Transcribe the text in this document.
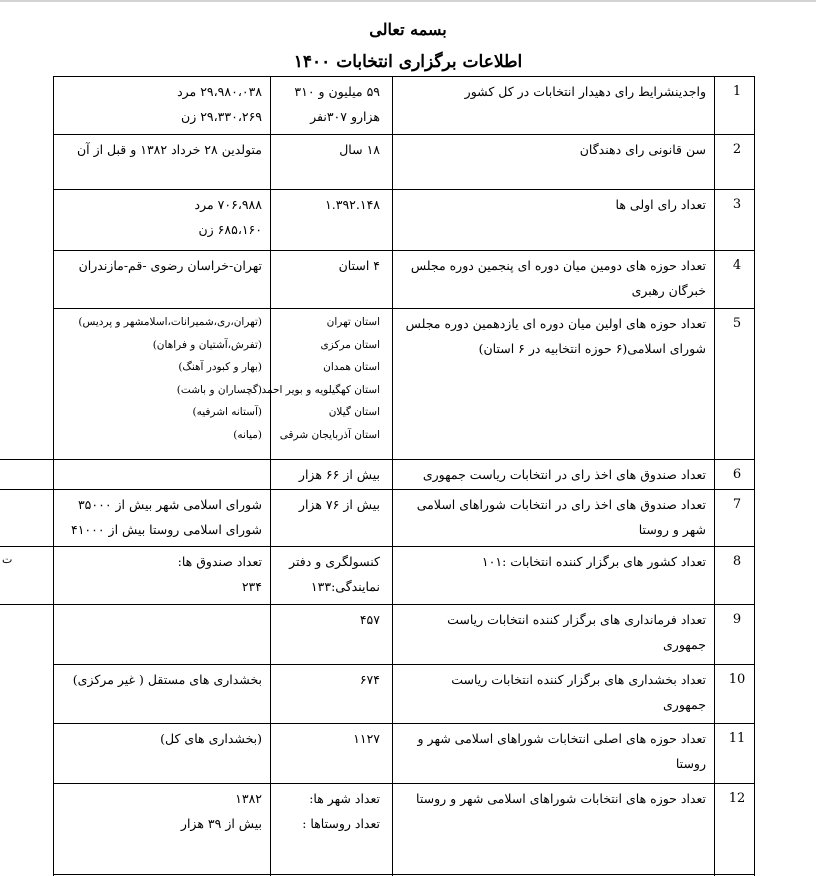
بسمه تعالی
اطلاعات برگزاری انتخابات ۱۴۰۰
ت
1
واجدینشرایط رای دهیدار انتخابات در کل کشور
۵۹ میلیون و ۳۱۰
هزارو ۳۰۷نفر
۲۹،۹۸۰،۰۳۸ مرد
۲۹،۳۳۰،۲۶۹ زن
2
سن قانونی رای دهندگان
۱۸ سال
متولدین ۲۸ خرداد ۱۳۸۲ و قبل از آن
3
تعداد رای اولی ها
۱.۳۹۲.۱۴۸
۷۰۶،۹۸۸ مرد
۶۸۵،۱۶۰ زن
4
تعداد حوزه های دومین میان دوره ای پنجمین دوره مجلس
خبرگان رهبری
۴ استان
تهران-خراسان رضوی -قم-مازندران
5
تعداد حوزه های اولین میان دوره ای یازدهمین دوره مجلس
شورای اسلامی(۶ حوزه انتخابیه در ۶ استان)
استان تهران
استان مرکزی
استان همدان
استان کهگیلویه و بویر احمد
استان گیلان
استان آذربایجان شرقی
(تهران،ری،شمیرانات،اسلامشهر و پردیس)
(تفرش،آشتیان و فراهان)
(بهار و کبودر آهنگ)
(گچساران و باشت)
(آستانه اشرفیه)
(میانه)
6
تعداد صندوق های اخذ رای در انتخابات ریاست جمهوری
بیش از ۶۶ هزار
7
تعداد صندوق های اخذ رای در انتخابات شوراهای اسلامی
شهر و روستا
بیش از ۷۶ هزار
شورای اسلامی شهر بیش از ۳۵۰۰۰
شورای اسلامی روستا بیش از ۴۱۰۰۰
8
تعداد کشور های برگزار کننده انتخابات :۱۰۱
کنسولگری و دفتر
نمایندگی:۱۳۳
تعداد صندوق ها:
۲۳۴
9
تعداد فرمانداری های برگزار کننده انتخابات ریاست
جمهوری
۴۵۷
10
تعداد بخشداری های برگزار کننده انتخابات ریاست
جمهوری
۶۷۴
بخشداری های مستقل ( غیر مرکزی)
11
تعداد حوزه های اصلی انتخابات شوراهای اسلامی شهر و
روستا
۱۱۲۷
(بخشداری های کل)
12
تعداد حوزه های انتخابات شوراهای اسلامی شهر و روستا
تعداد شهر ها:
تعداد روستاها :
۱۳۸۲
بیش از ۳۹ هزار
